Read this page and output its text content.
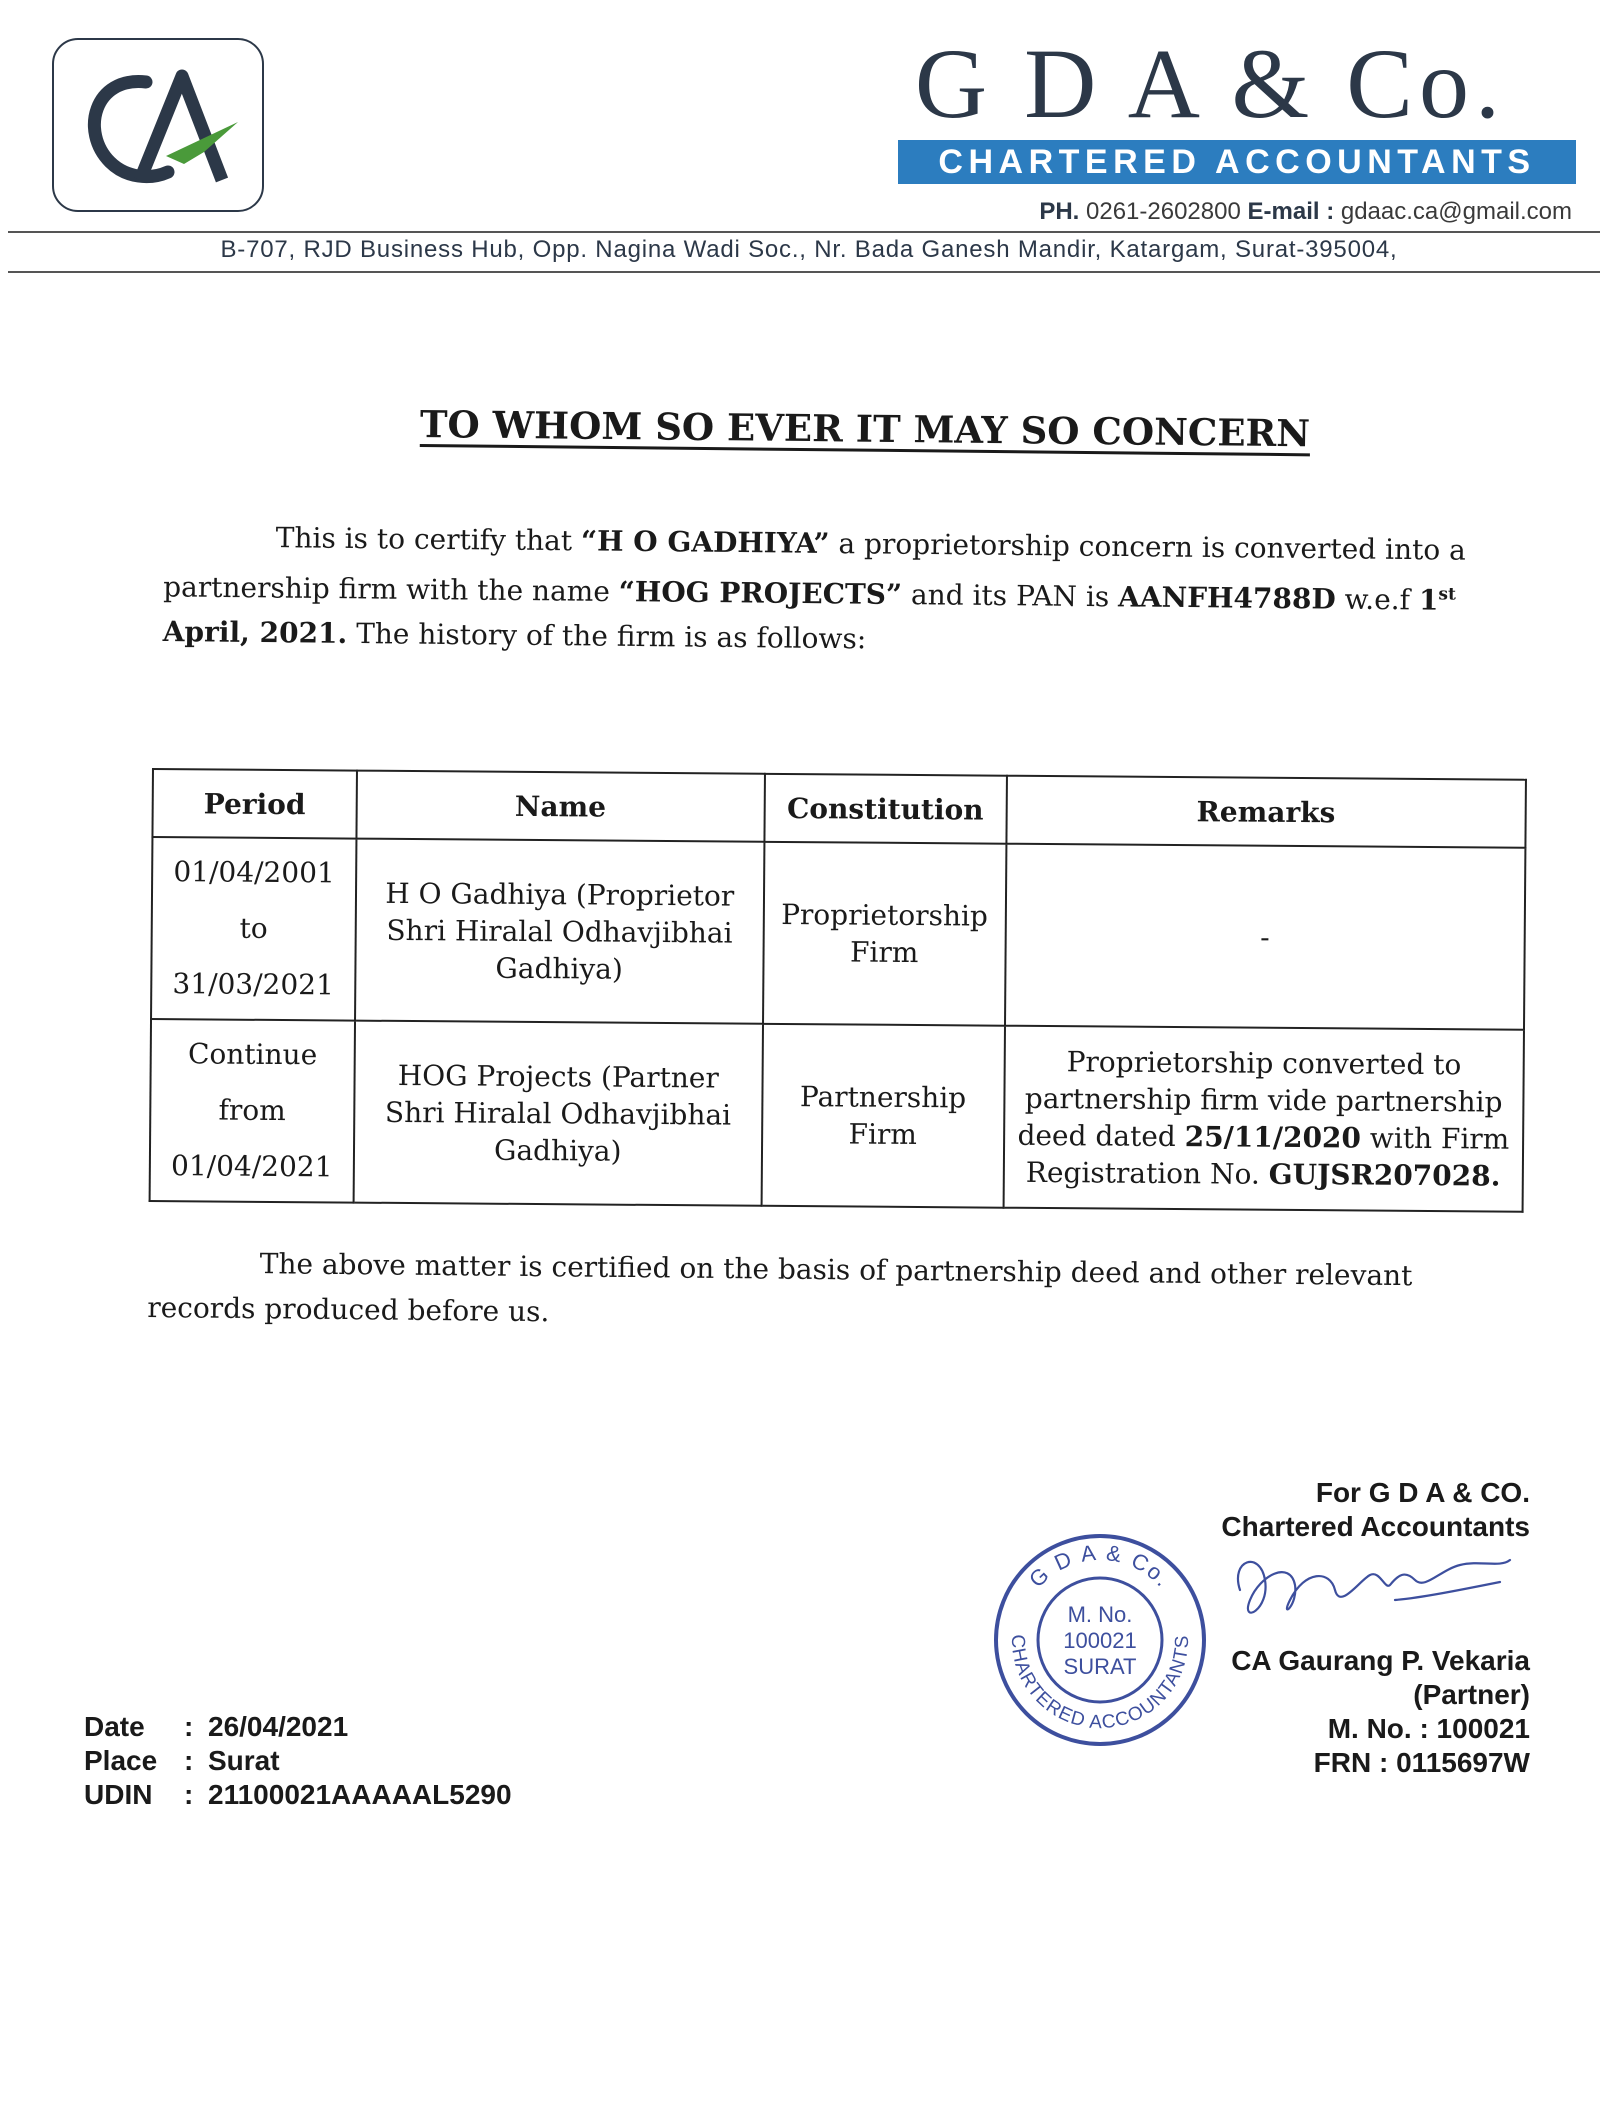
G D A & Co.
CHARTERED ACCOUNTANTS
PH. 0261-2602800 E-mail : gdaac.ca@gmail.com
B-707, RJD Business Hub, Opp. Nagina Wadi Soc., Nr. Bada Ganesh Mandir, Katargam, Surat-395004,
TO WHOM SO EVER IT MAY SO CONCERN
This is to certify that “H O GADHIYA” a proprietorship concern is converted into a
partnership firm with the name “HOG PROJECTS” and its PAN is AANFH4788D w.e.f 1st
April, 2021. The history of the firm is as follows:
Period	Name	Constitution	Remarks

01/04/2001
to
31/03/2021	H O Gadhiya (Proprietor Shri Hiralal Odhavjibhai Gadhiya)	Proprietorship Firm	-

Continue
from
01/04/2021	HOG Projects (Partner Shri Hiralal Odhavjibhai Gadhiya)	Partnership Firm	Proprietorship converted to partnership firm vide partnership deed dated 25/11/2020 with Firm Registration No. GUJSR207028.
The above matter is certified on the basis of partnership deed and other relevant
records produced before us.
G D A & Co.
CHARTERED ACCOUNTANTS
M. No.
100021
SURAT
For G D A & CO.
Chartered Accountants
CA Gaurang P. Vekaria
(Partner)
M. No. : 100021
FRN : 0115697W
Date : 26/04/2021
Place : Surat
UDIN : 21100021AAAAAL5290
